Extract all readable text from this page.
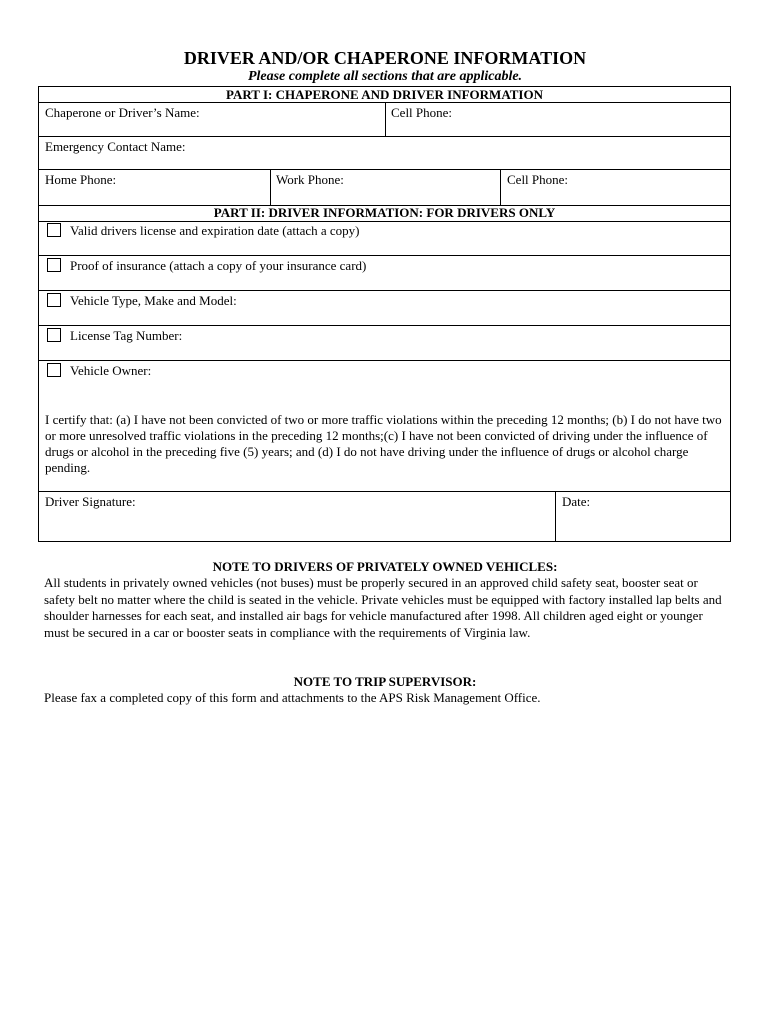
DRIVER AND/OR CHAPERONE INFORMATION
Please complete all sections that are applicable.
PART I: CHAPERONE AND DRIVER INFORMATION
Chaperone or Driver’s Name:	Cell Phone:
Emergency Contact Name:
Home Phone:	Work Phone:	Cell Phone:
PART II: DRIVER INFORMATION: FOR DRIVERS ONLY
Valid drivers license and expiration date (attach a copy)
Proof of insurance (attach a copy of your insurance card)
Vehicle Type, Make and Model:
License Tag Number:
Vehicle Owner:
I certify that: (a) I have not been convicted of two or more traffic violations within the preceding 12 months; (b) I do not have two or more unresolved traffic violations in the preceding 12 months;(c) I have not been convicted of driving under the influence of drugs or alcohol in the preceding five (5) years; and (d) I do not have driving under the influence of drugs or alcohol charge pending.
Driver Signature:	Date:
NOTE TO DRIVERS OF PRIVATELY OWNED VEHICLES:
All students in privately owned vehicles (not buses) must be properly secured in an approved child safety seat, booster seat or safety belt no matter where the child is seated in the vehicle. Private vehicles must be equipped with factory installed lap belts and shoulder harnesses for each seat, and installed air bags for vehicle manufactured after 1998. All children aged eight or younger must be secured in a car or booster seats in compliance with the requirements of Virginia law.
NOTE TO TRIP SUPERVISOR:
Please fax a completed copy of this form and attachments to the APS Risk Management Office.
